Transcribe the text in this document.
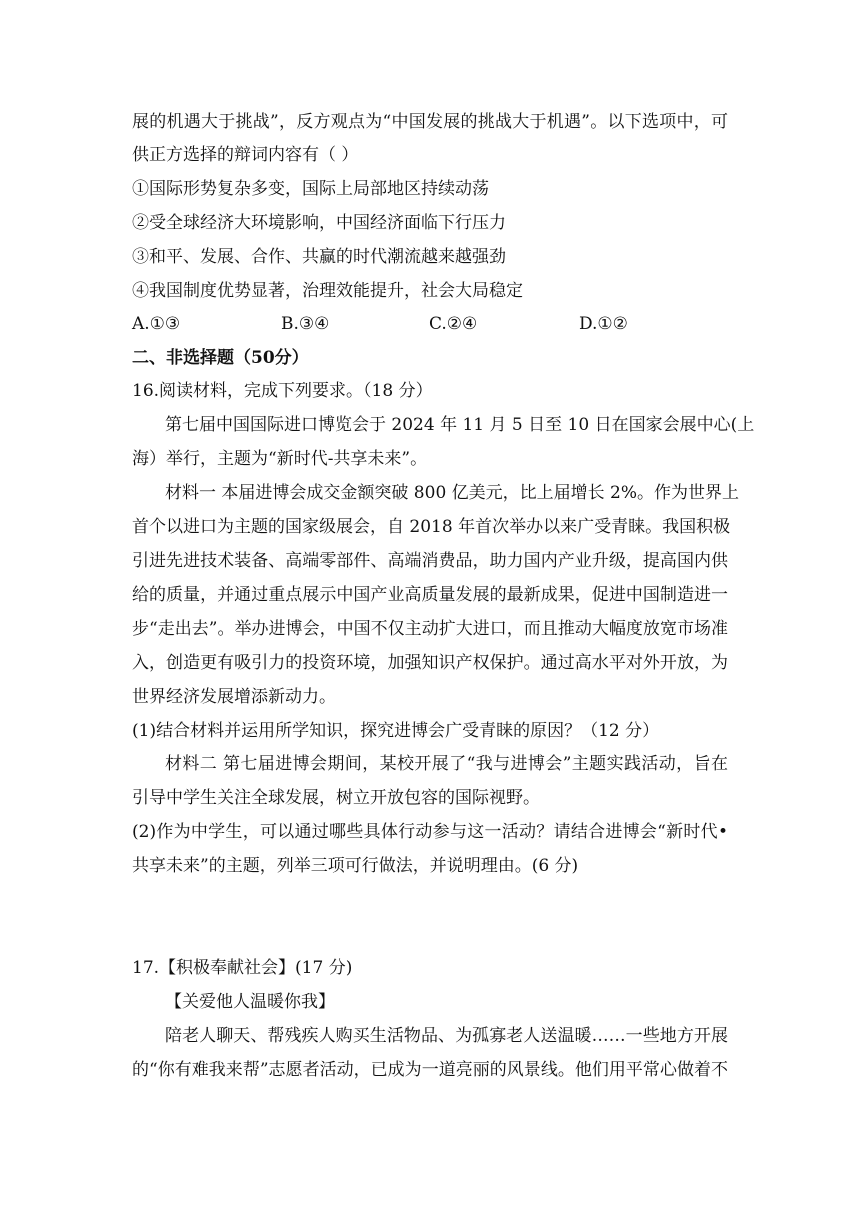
展的机遇大于挑战”，反方观点为“中国发展的挑战大于机遇”。以下选项中，可
供正方选择的辩词内容有（ ）
①国际形势复杂多变，国际上局部地区持续动荡
②受全球经济大环境影响，中国经济面临下行压力
③和平、发展、合作、共赢的时代潮流越来越强劲
④我国制度优势显著，治理效能提升，社会大局稳定
A.①③	B.③④	C.②④	D.①②
二、非选择题（50分）
16.阅读材料，完成下列要求。（18 分）
第七届中国国际进口博览会于 2024 年 11 月 5 日至 10 日在国家会展中心(上
海）举行，主题为“新时代-共享未来”。
材料一 本届进博会成交金额突破 800 亿美元，比上届增长 2%。作为世界上
首个以进口为主题的国家级展会，自 2018 年首次举办以来广受青睐。我国积极
引进先进技术装备、高端零部件、高端消费品，助力国内产业升级，提高国内供
给的质量，并通过重点展示中国产业高质量发展的最新成果，促进中国制造进一
步“走出去”。举办进博会，中国不仅主动扩大进口，而且推动大幅度放宽市场准
入，创造更有吸引力的投资环境，加强知识产权保护。通过高水平对外开放，为
世界经济发展增添新动力。
(1)结合材料并运用所学知识，探究进博会广受青睐的原因？（12 分）
材料二 第七届进博会期间，某校开展了“我与进博会”主题实践活动，旨在
引导中学生关注全球发展，树立开放包容的国际视野。
(2)作为中学生，可以通过哪些具体行动参与这一活动？请结合进博会“新时代•
共享未来”的主题，列举三项可行做法，并说明理由。(6 分)
17.【积极奉献社会】(17 分)
【关爱他人温暖你我】
陪老人聊天、帮残疾人购买生活物品、为孤寡老人送温暖……一些地方开展
的“你有难我来帮”志愿者活动，已成为一道亮丽的风景线。他们用平常心做着不
